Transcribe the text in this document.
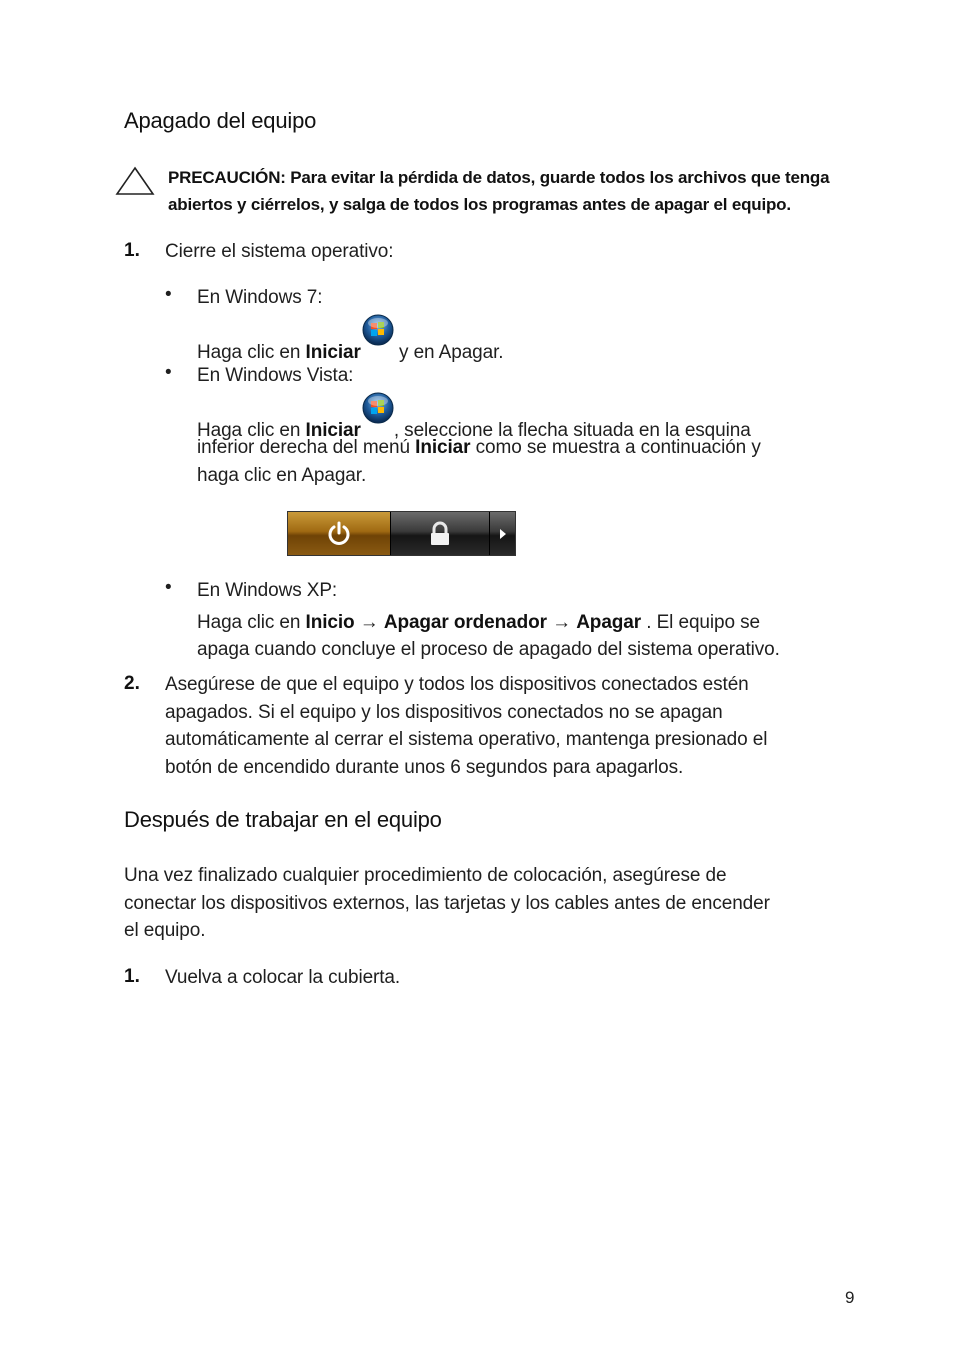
Apagado del equipo
PRECAUCIÓN: Para evitar la pérdida de datos, guarde todos los archivos que tenga
abiertos y ciérrelos, y salga de todos los programas antes de apagar el equipo.
1. Cierre el sistema operativo:
• En Windows 7:
Haga clic en Iniciar y en Apagar.
• En Windows Vista:
Haga clic en Iniciar , seleccione la flecha situada en la esquina
inferior derecha del menú Iniciar como se muestra a continuación y
haga clic en Apagar.
• En Windows XP:
Haga clic en Inicio → Apagar ordenador → Apagar . El equipo se
apaga cuando concluye el proceso de apagado del sistema operativo.
2. Asegúrese de que el equipo y todos los dispositivos conectados estén
apagados. Si el equipo y los dispositivos conectados no se apagan
automáticamente al cerrar el sistema operativo, mantenga presionado el
botón de encendido durante unos 6 segundos para apagarlos.
Después de trabajar en el equipo
Una vez finalizado cualquier procedimiento de colocación, asegúrese de
conectar los dispositivos externos, las tarjetas y los cables antes de encender
el equipo.
1. Vuelva a colocar la cubierta.
9
